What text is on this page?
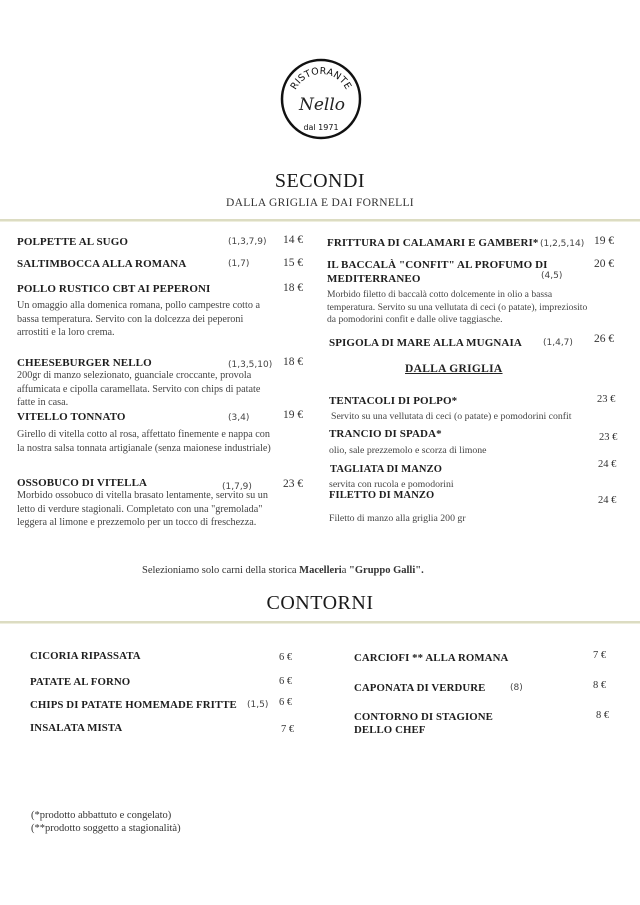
RISTORANTE
Nello
dal 1971
SECONDI
DALLA GRIGLIA E DAI FORNELLI
POLPETTE AL SUGO	(1,3,7,9) 14 €
SALTIMBOCCA ALLA ROMANA	(1,7)	15 €
POLLO RUSTICO CBT AI PEPERONI	18 €
Un omaggio alla domenica romana, pollo campestre cotto a bassa temperatura. Servito con la dolcezza dei peperoni arrostiti e la loro crema.
CHEESEBURGER NELLO	(1,3,5,10) 18 €
200gr di manzo selezionato, guanciale croccante, provola affumicata e cipolla caramellata. Servito con chips di patate fatte in casa.
VITELLO TONNATO	(3,4)	19 €
Girello di vitella cotto al rosa, affettato finemente e nappa con la nostra salsa tonnata artigianale (senza maionese industriale)
OSSOBUCO DI VITELLA	(1,7,9)	23 €
Morbido ossobuco di vitella brasato lentamente, servito su un letto di verdure stagionali. Completato con una "gremolada" leggera al limone e prezzemolo per un tocco di freschezza.
FRITTURA DI CALAMARI E GAMBERI* (1,2,5,14) 19 €
IL BACCALÀ "CONFIT" AL PROFUMO DI
MEDITERRANEO	(4,5)
20 €
Morbido filetto di baccalà cotto dolcemente in olio a bassa temperatura. Servito su una vellutata di ceci (o patate), impreziosito da pomodorini confit e dalle olive taggiasche.
SPIGOLA DI MARE ALLA MUGNAIA (1,4,7) 26 €
DALLA GRIGLIA
TENTACOLI DI POLPO*	23 €
Servito su una vellutata di ceci (o patate) e pomodorini confit
TRANCIO DI SPADA*	23 €
olio, sale prezzemolo e scorza di limone
TAGLIATA DI MANZO	24 €
servita con rucola e pomodorini
FILETTO DI MANZO	24 €
Filetto di manzo alla griglia 200 gr
Selezioniamo solo carni della storica Macelleria "Gruppo Galli".
CONTORNI
CICORIA RIPASSATA	6 €
PATATE AL FORNO	6 €
CHIPS DI PATATE HOMEMADE FRITTE (1,5) 6 €
INSALATA MISTA	7 €
CARCIOFI ** ALLA ROMANA	7 €
CAPONATA DI VERDURE	(8)	8 €
CONTORNO DI STAGIONE
DELLO CHEF
8 €
(*prodotto abbattuto e congelato)
(**prodotto soggetto a stagionalità)
